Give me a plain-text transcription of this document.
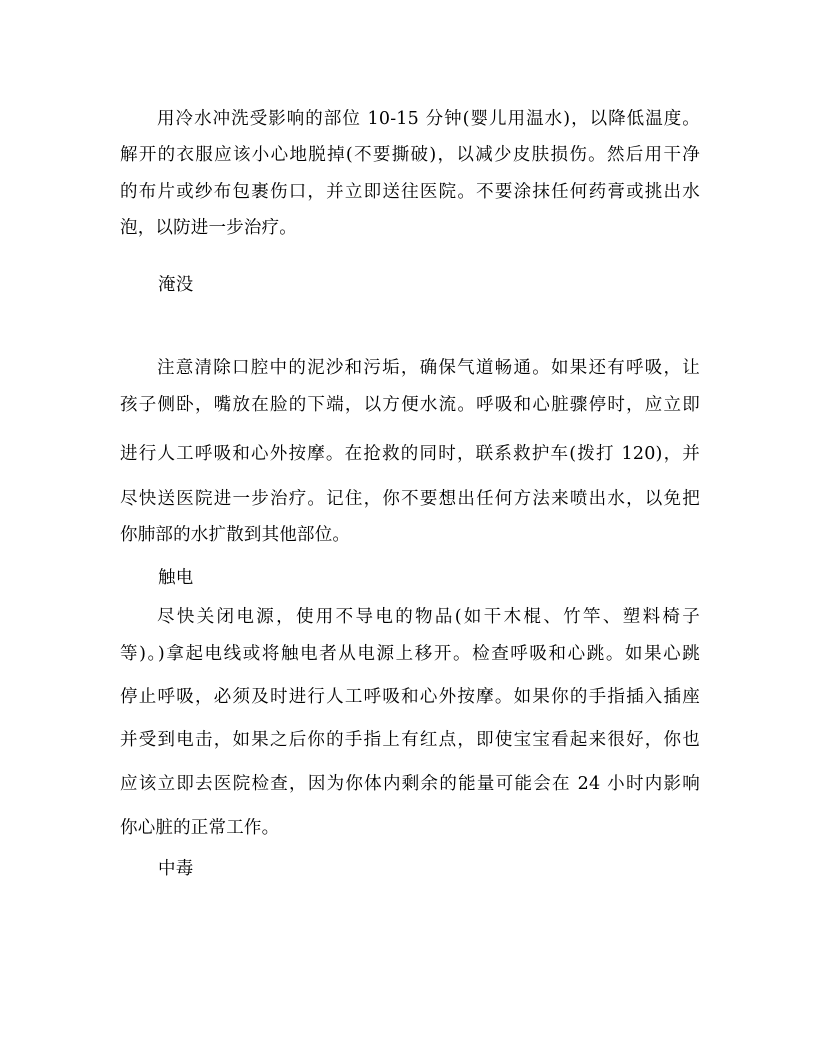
用冷水冲洗受影响的部位 10-15 分钟(婴儿用温水)，以降低温度。
解开的衣服应该小心地脱掉(不要撕破)，以减少皮肤损伤。然后用干净
的布片或纱布包裹伤口，并立即送往医院。不要涂抹任何药膏或挑出水
泡，以防进一步治疗。
淹没
注意清除口腔中的泥沙和污垢，确保气道畅通。如果还有呼吸，让
孩子侧卧，嘴放在脸的下端，以方便水流。呼吸和心脏骤停时，应立即
进行人工呼吸和心外按摩。在抢救的同时，联系救护车(拨打 120)，并
尽快送医院进一步治疗。记住，你不要想出任何方法来喷出水，以免把
你肺部的水扩散到其他部位。
触电
尽快关闭电源，使用不导电的物品(如干木棍、竹竿、塑料椅子
等)。)拿起电线或将触电者从电源上移开。检查呼吸和心跳。如果心跳
停止呼吸，必须及时进行人工呼吸和心外按摩。如果你的手指插入插座
并受到电击，如果之后你的手指上有红点，即使宝宝看起来很好，你也
应该立即去医院检查，因为你体内剩余的能量可能会在 24 小时内影响
你心脏的正常工作。
中毒
